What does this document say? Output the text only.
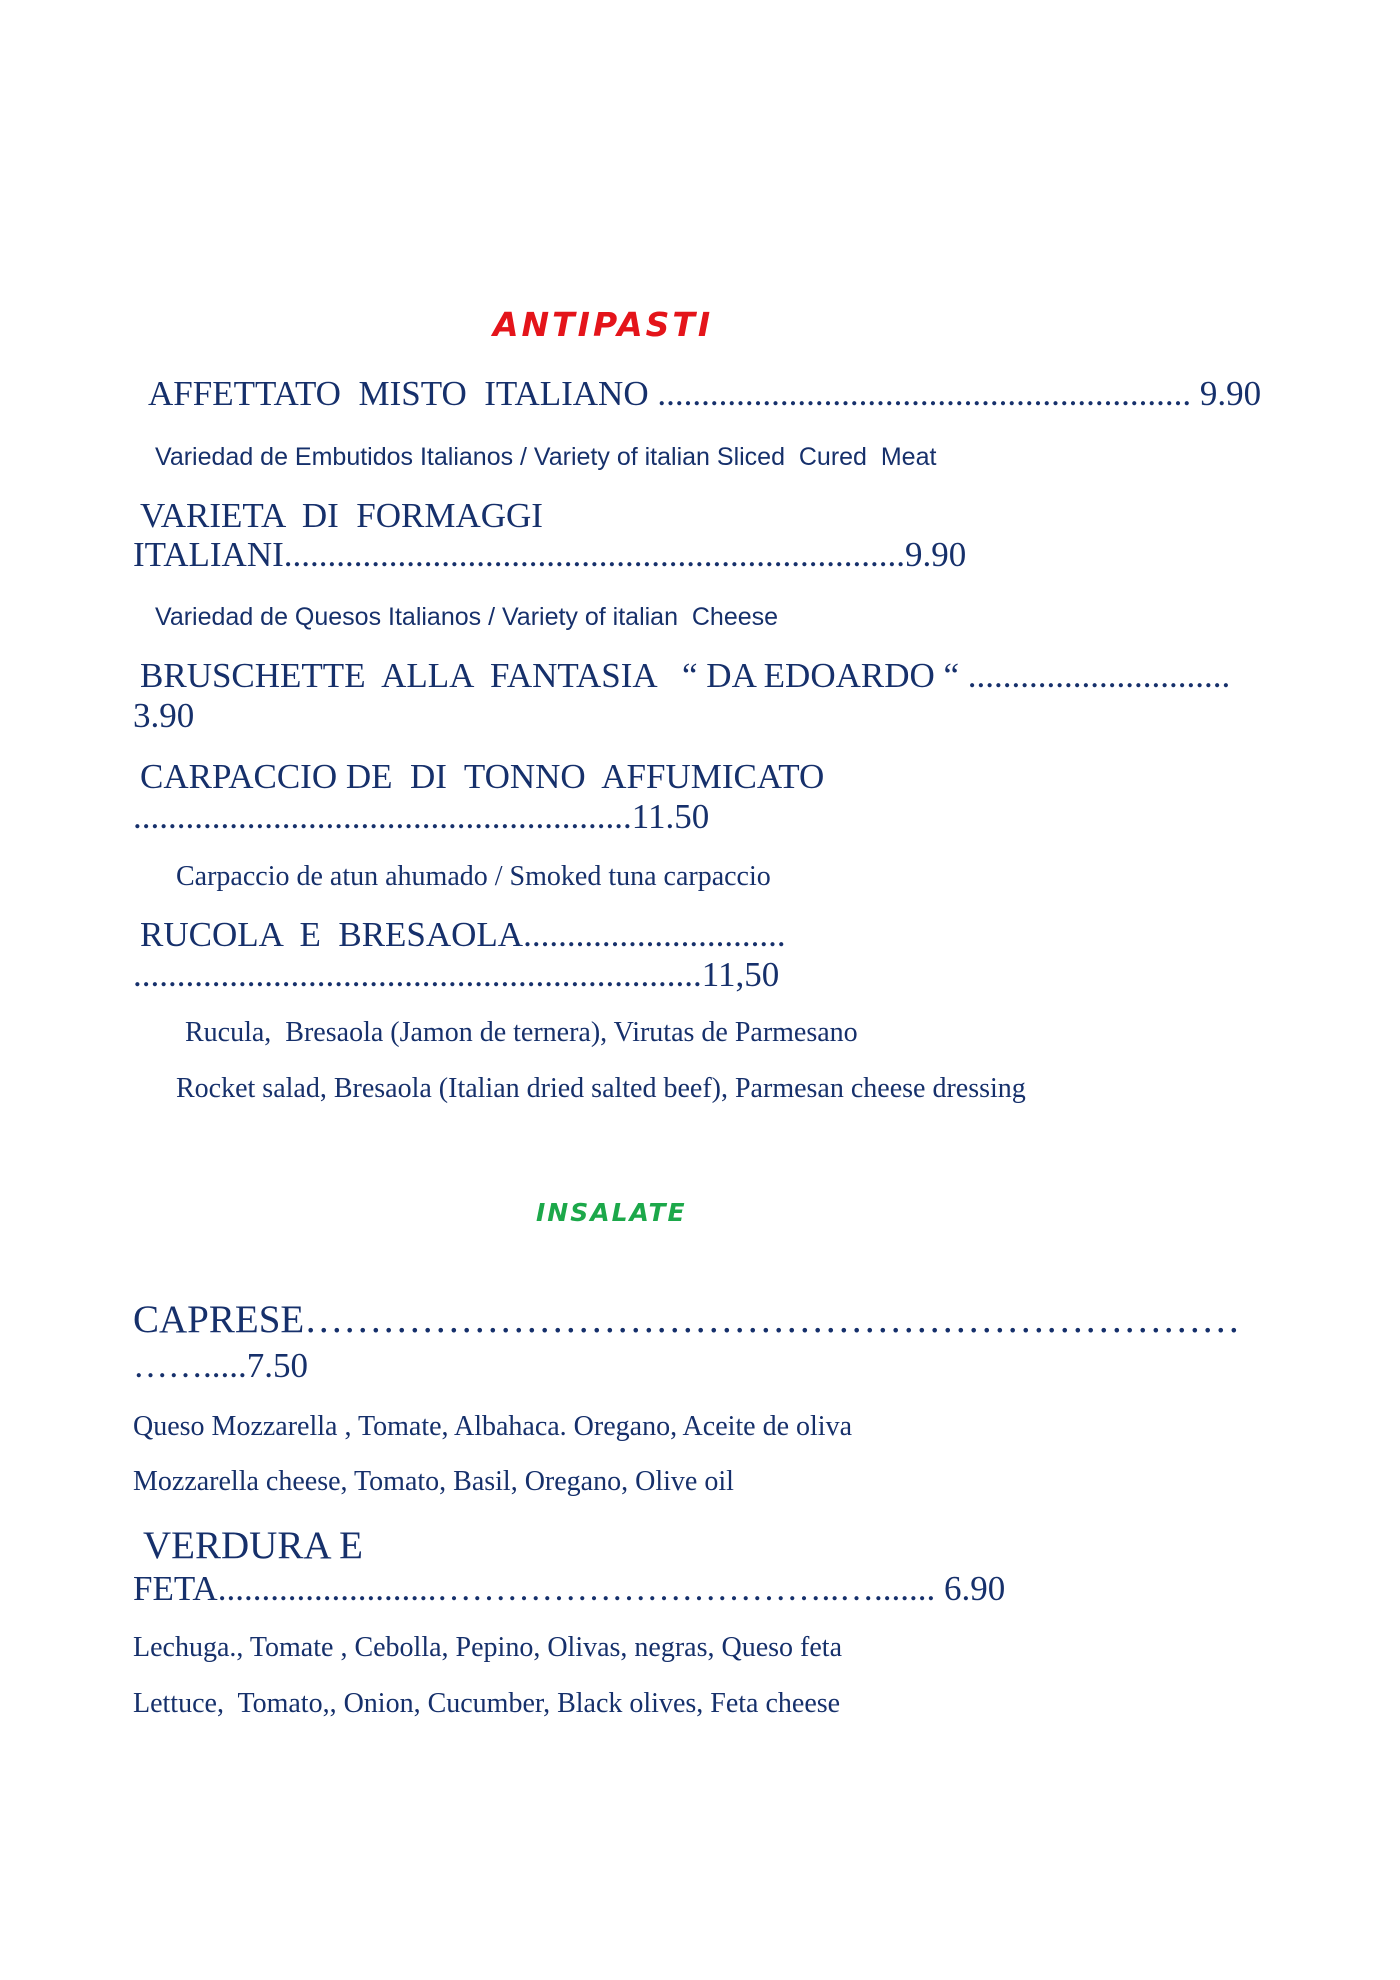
ANTIPASTI
AFFETTATO  MISTO  ITALIANO ............................................................. 9.90
Variedad de Embutidos Italianos / Variety of italian Sliced  Cured  Meat
VARIETA  DI  FORMAGGI
ITALIANI.......................................................................9.90
Variedad de Quesos Italianos / Variety of italian  Cheese
BRUSCHETTE  ALLA  FANTASIA   “ DA EDOARDO “ ..............................
3.90
CARPACCIO DE  DI  TONNO  AFFUMICATO
.........................................................11.50
Carpaccio de atun ahumado / Smoked tuna carpaccio
RUCOLA  E  BRESAOLA..............................
.................................................................11,50
Rucula,  Bresaola (Jamon de ternera), Virutas de Parmesano
Rocket salad, Bresaola (Italian dried salted beef), Parmesan cheese dressing
INSALATE
CAPRESE………………………………………………………………
…….....7.50
Queso Mozzarella , Tomate, Albahaca. Oregano, Aceite de oliva
Mozzarella cheese, Tomato, Basil, Oregano, Olive oil
VERDURA E
FETA.........................……………………………..…....... 6.90
Lechuga., Tomate , Cebolla, Pepino, Olivas, negras, Queso feta
Lettuce,  Tomato,, Onion, Cucumber, Black olives, Feta cheese
